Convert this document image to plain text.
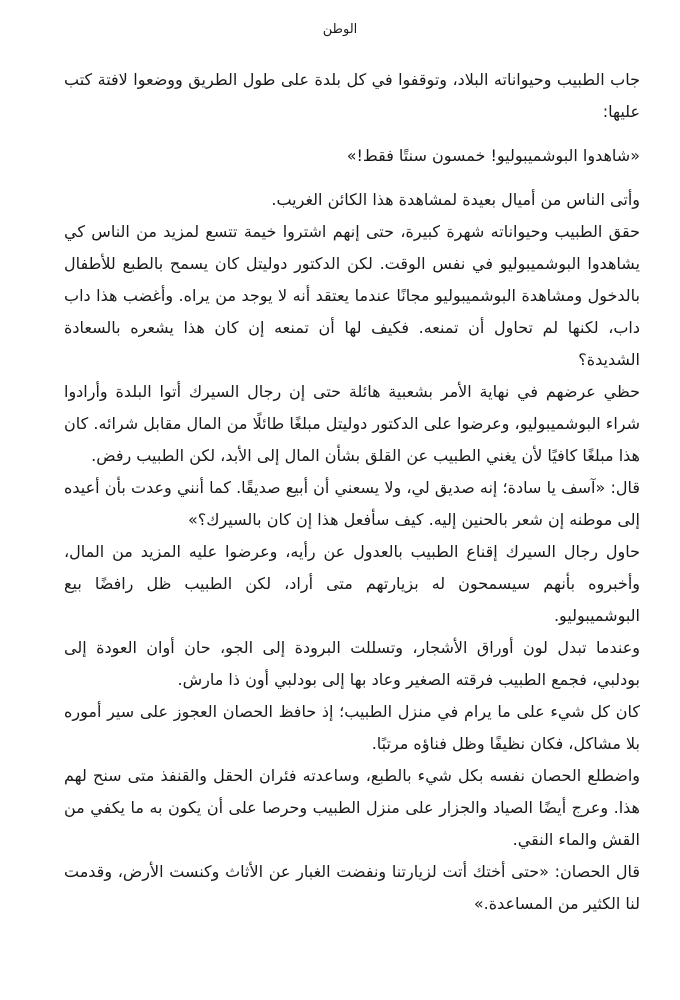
الوطن

جاب الطبيب وحيواناته البلاد، وتوقفوا في كل بلدة على طول الطريق ووضعوا لافتة كتب عليها:

«شاهدوا البوشميبوليو! خمسون سنتًا فقط!»

وأتى الناس من أميال بعيدة لمشاهدة هذا الكائن الغريب.

حقق الطبيب وحيواناته شهرة كبيرة، حتى إنهم اشتروا خيمة تتسع لمزيد من الناس كي يشاهدوا البوشميبوليو في نفس الوقت. لكن الدكتور دوليتل كان يسمح بالطبع للأطفال بالدخول ومشاهدة البوشميبوليو مجانًا عندما يعتقد أنه لا يوجد من يراه. وأغضب هذا داب داب، لكنها لم تحاول أن تمنعه. فكيف لها أن تمنعه إن كان هذا يشعره بالسعادة الشديدة؟

حظي عرضهم في نهاية الأمر بشعبية هائلة حتى إن رجال السيرك أتوا البلدة وأرادوا شراء البوشميبوليو، وعرضوا على الدكتور دوليتل مبلغًا طائلًا من المال مقابل شرائه. كان هذا مبلغًا كافيًا لأن يغني الطبيب عن القلق بشأن المال إلى الأبد، لكن الطبيب رفض.

قال: «آسف يا سادة؛ إنه صديق لي، ولا يسعني أن أبيع صديقًا. كما أنني وعدت بأن أعيده إلى موطنه إن شعر بالحنين إليه. كيف سأفعل هذا إن كان بالسيرك؟»

حاول رجال السيرك إقناع الطبيب بالعدول عن رأيه، وعرضوا عليه المزيد من المال، وأخبروه بأنهم سيسمحون له بزيارتهم متى أراد، لكن الطبيب ظل رافضًا بيع البوشميبوليو.

وعندما تبدل لون أوراق الأشجار، وتسللت البرودة إلى الجو، حان أوان العودة إلى بودلبي، فجمع الطبيب فرقته الصغير وعاد بها إلى بودلبي أون ذا مارش.

كان كل شيء على ما يرام في منزل الطبيب؛ إذ حافظ الحصان العجوز على سير أموره بلا مشاكل، فكان نظيفًا وظل فناؤه مرتبًا.

واضطلع الحصان نفسه بكل شيء بالطبع، وساعدته فئران الحقل والقنفذ متى سنح لهم هذا. وعرج أيضًا الصياد والجزار على منزل الطبيب وحرصا على أن يكون به ما يكفي من القش والماء النقي.

قال الحصان: «حتى أختك أتت لزيارتنا ونفضت الغبار عن الأثاث وكنست الأرض، وقدمت لنا الكثير من المساعدة.»
